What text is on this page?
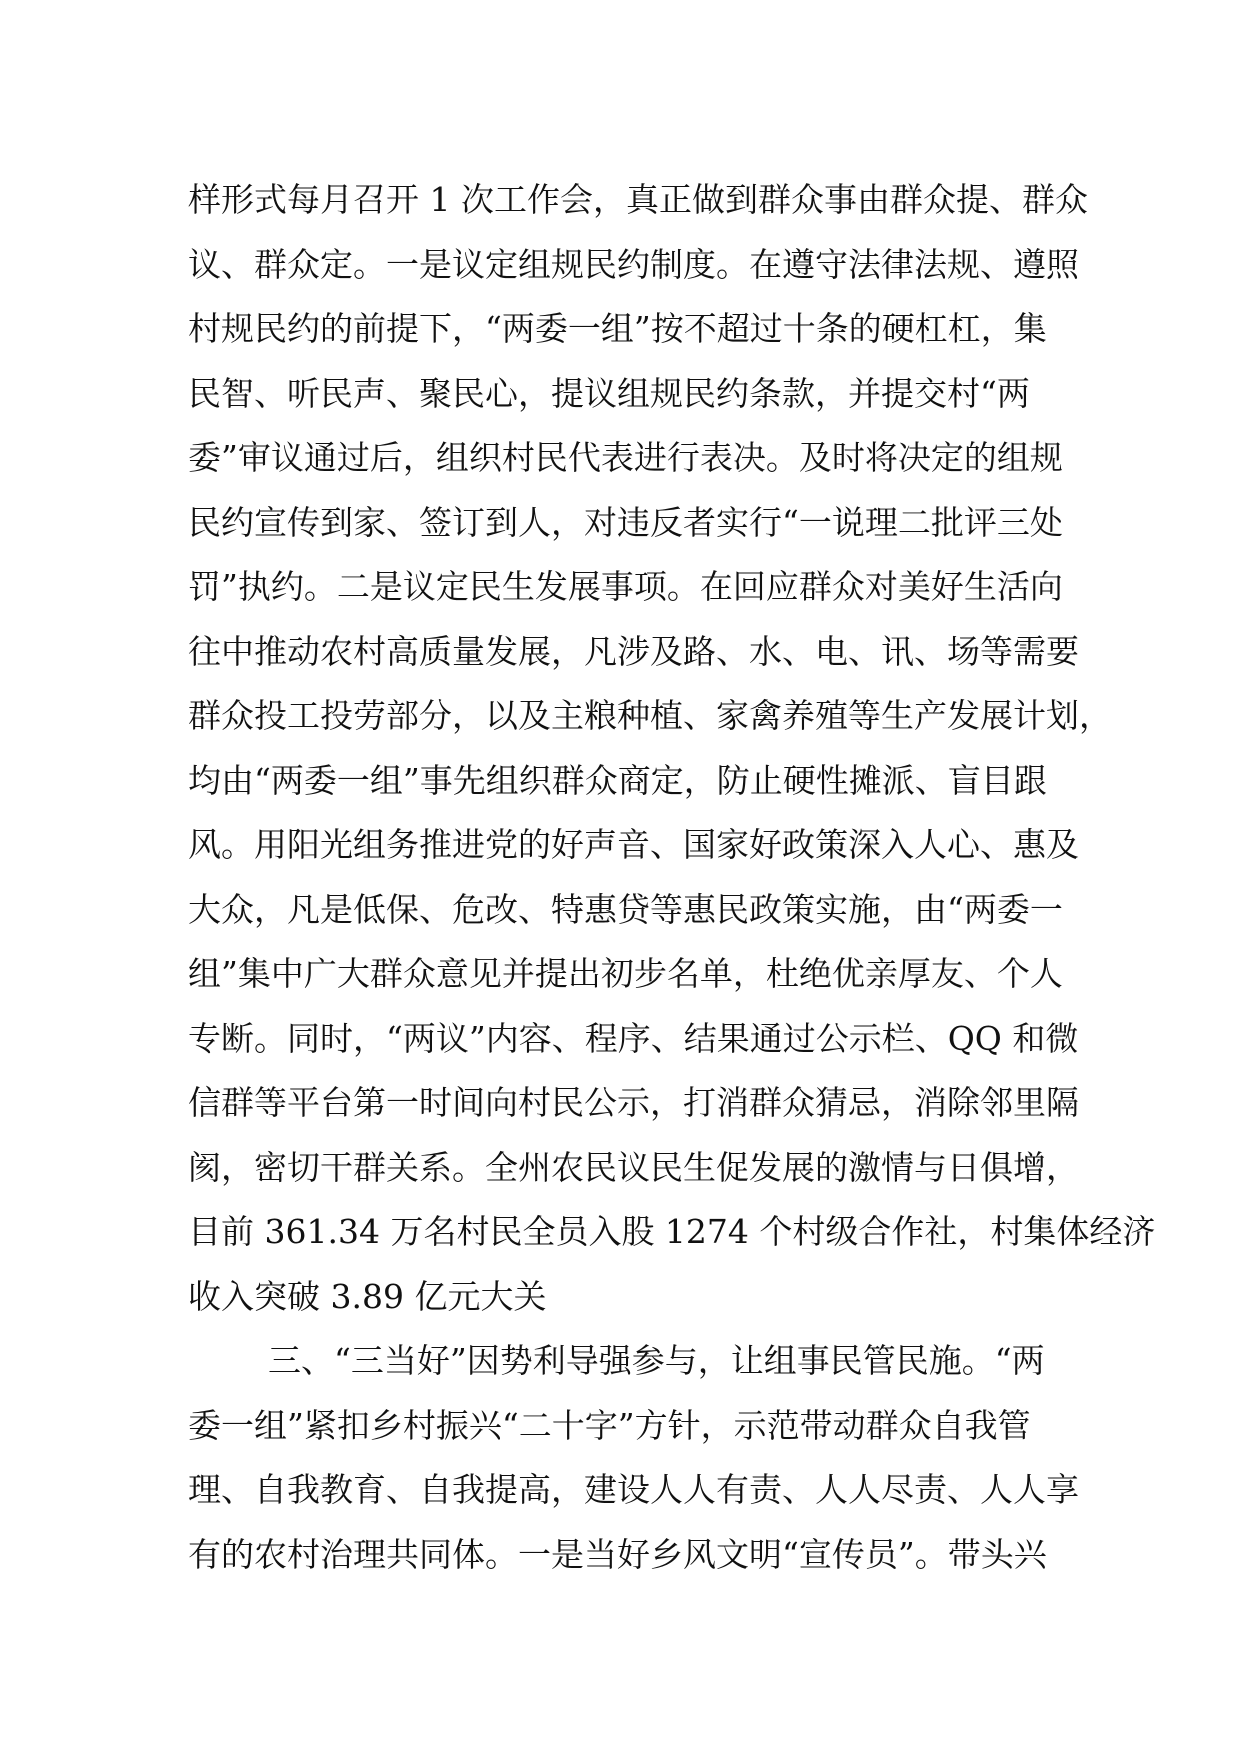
样形式每月召开 1 次工作会，真正做到群众事由群众提、群众
议、群众定。一是议定组规民约制度。在遵守法律法规、遵照
村规民约的前提下，“两委一组”按不超过十条的硬杠杠，集
民智、听民声、聚民心，提议组规民约条款，并提交村“两
委”审议通过后，组织村民代表进行表决。及时将决定的组规
民约宣传到家、签订到人，对违反者实行“一说理二批评三处
罚”执约。二是议定民生发展事项。在回应群众对美好生活向
往中推动农村高质量发展，凡涉及路、水、电、讯、场等需要
群众投工投劳部分，以及主粮种植、家禽养殖等生产发展计划，
均由“两委一组”事先组织群众商定，防止硬性摊派、盲目跟
风。用阳光组务推进党的好声音、国家好政策深入人心、惠及
大众，凡是低保、危改、特惠贷等惠民政策实施，由“两委一
组”集中广大群众意见并提出初步名单，杜绝优亲厚友、个人
专断。同时，“两议”内容、程序、结果通过公示栏、QQ 和微
信群等平台第一时间向村民公示，打消群众猜忌，消除邻里隔
阂，密切干群关系。全州农民议民生促发展的激情与日俱增，
目前 361.34 万名村民全员入股 1274 个村级合作社，村集体经济
收入突破 3.89 亿元大关
三、“三当好”因势利导强参与，让组事民管民施。“两
委一组”紧扣乡村振兴“二十字”方针，示范带动群众自我管
理、自我教育、自我提高，建设人人有责、人人尽责、人人享
有的农村治理共同体。一是当好乡风文明“宣传员”。带头兴
